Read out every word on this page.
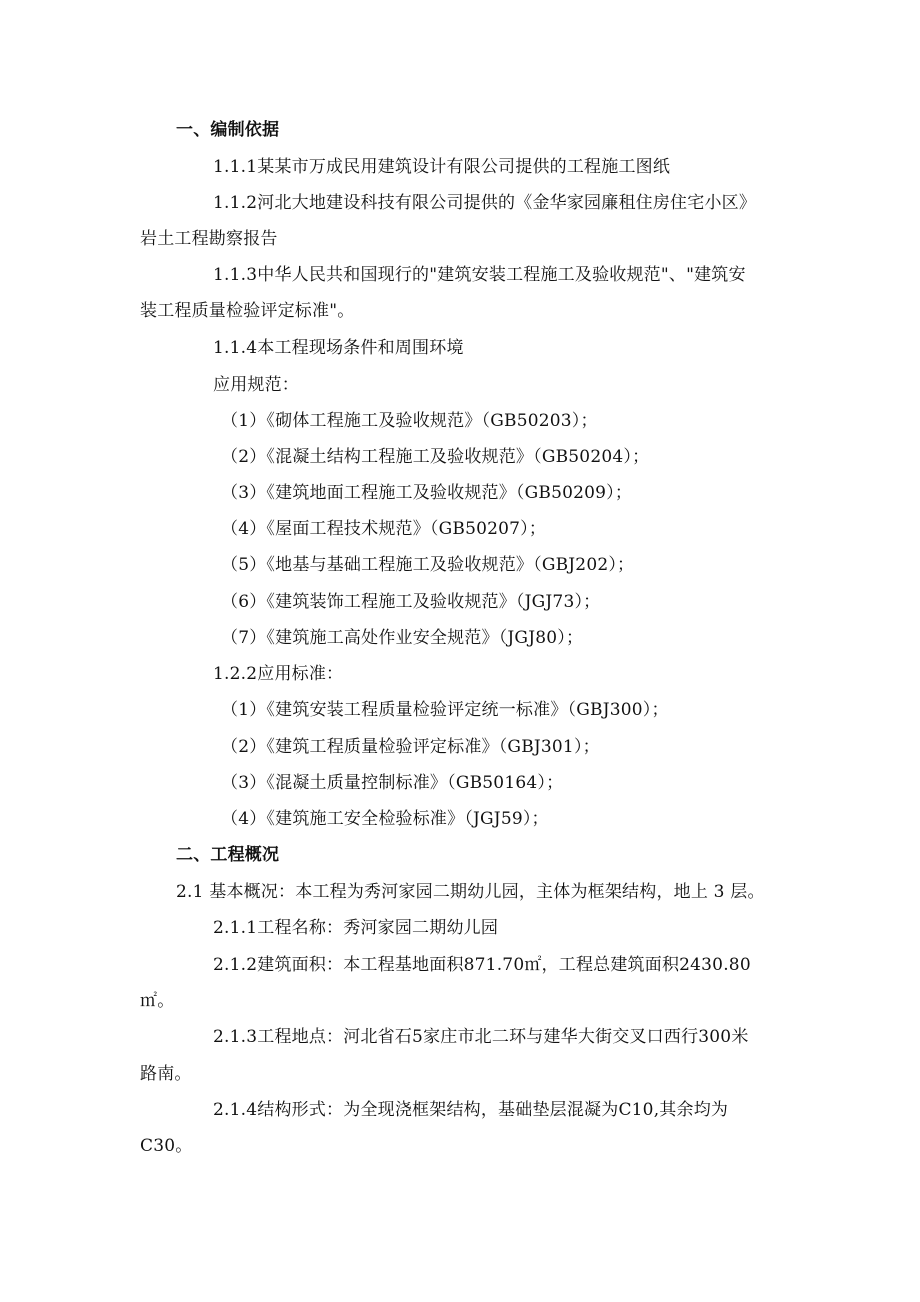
一、编制依据
1.1.1某某市万成民用建筑设计有限公司提供的工程施工图纸
1.1.2河北大地建设科技有限公司提供的《金华家园廉租住房住宅小区》
岩土工程勘察报告
1.1.3中华人民共和国现行的"建筑安装工程施工及验收规范"、"建筑安
装工程质量检验评定标准"。
1.1.4本工程现场条件和周围环境
应用规范：
（1）《砌体工程施工及验收规范》（GB50203）；
（2）《混凝土结构工程施工及验收规范》（GB50204）；
（3）《建筑地面工程施工及验收规范》（GB50209）；
（4）《屋面工程技术规范》（GB50207）；
（5）《地基与基础工程施工及验收规范》（GBJ202）；
（6）《建筑装饰工程施工及验收规范》（JGJ73）；
（7）《建筑施工高处作业安全规范》（JGJ80）；
1.2.2应用标准：
（1）《建筑安装工程质量检验评定统一标准》（GBJ300）；
（2）《建筑工程质量检验评定标准》（GBJ301）；
（3）《混凝土质量控制标准》（GB50164）；
（4）《建筑施工安全检验标准》（JGJ59）；
二、工程概况
2.1 基本概况：本工程为秀河家园二期幼儿园，主体为框架结构，地上 3 层。
2.1.1工程名称：秀河家园二期幼儿园
2.1.2建筑面积：本工程基地面积871.70㎡，工程总建筑面积2430.80
㎡。
2.1.3工程地点：河北省石5家庄市北二环与建华大街交叉口西行300米
路南。
2.1.4结构形式：为全现浇框架结构，基础垫层混凝为C10,其余均为
C30。
